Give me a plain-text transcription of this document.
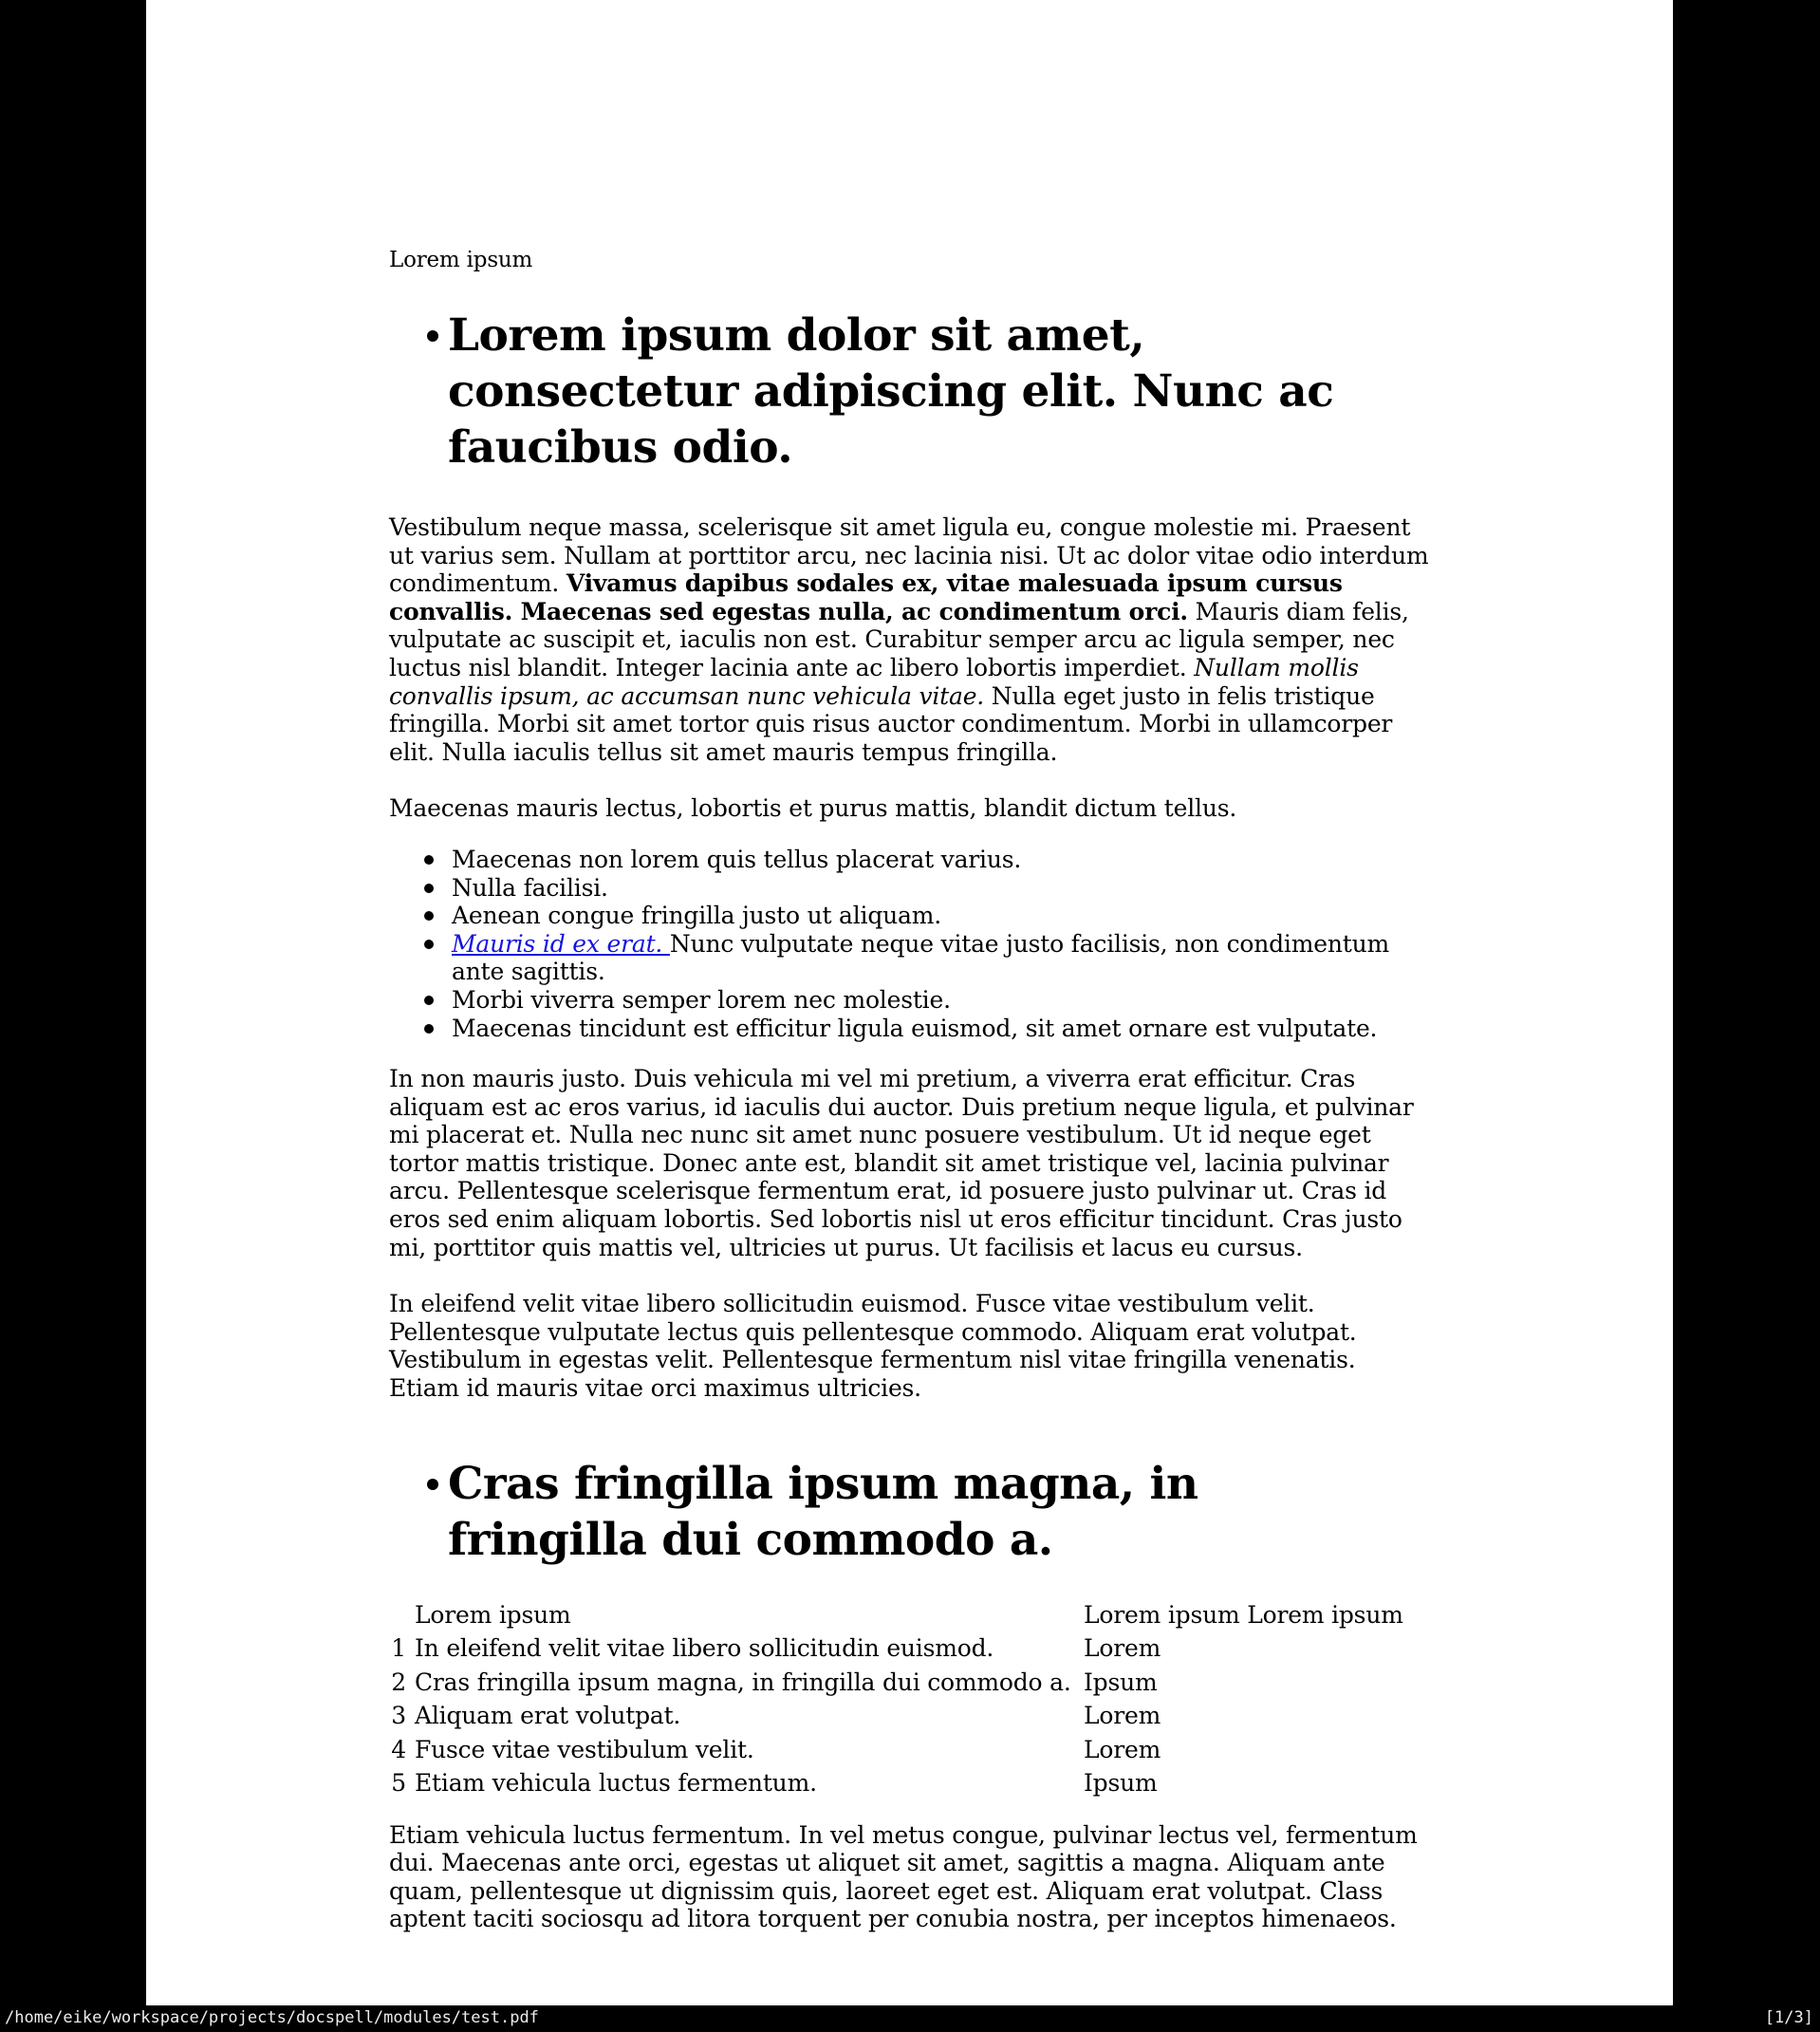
Lorem ipsum

Lorem ipsum dolor sit amet, consectetur adipiscing elit. Nunc ac faucibus odio.

Vestibulum neque massa, scelerisque sit amet ligula eu, congue molestie mi. Praesent ut varius sem. Nullam at porttitor arcu, nec lacinia nisi. Ut ac dolor vitae odio interdum condimentum. Vivamus dapibus sodales ex, vitae malesuada ipsum cursus convallis. Maecenas sed egestas nulla, ac condimentum orci. Mauris diam felis, vulputate ac suscipit et, iaculis non est. Curabitur semper arcu ac ligula semper, nec luctus nisl blandit. Integer lacinia ante ac libero lobortis imperdiet. Nullam mollis convallis ipsum, ac accumsan nunc vehicula vitae. Nulla eget justo in felis tristique fringilla. Morbi sit amet tortor quis risus auctor condimentum. Morbi in ullamcorper elit. Nulla iaculis tellus sit amet mauris tempus fringilla.

Maecenas mauris lectus, lobortis et purus mattis, blandit dictum tellus.

Maecenas non lorem quis tellus placerat varius.
Nulla facilisi.
Aenean congue fringilla justo ut aliquam.
Mauris id ex erat. Nunc vulputate neque vitae justo facilisis, non condimentum ante sagittis.
Morbi viverra semper lorem nec molestie.
Maecenas tincidunt est efficitur ligula euismod, sit amet ornare est vulputate.

In non mauris justo. Duis vehicula mi vel mi pretium, a viverra erat efficitur. Cras aliquam est ac eros varius, id iaculis dui auctor. Duis pretium neque ligula, et pulvinar mi placerat et. Nulla nec nunc sit amet nunc posuere vestibulum. Ut id neque eget tortor mattis tristique. Donec ante est, blandit sit amet tristique vel, lacinia pulvinar arcu. Pellentesque scelerisque fermentum erat, id posuere justo pulvinar ut. Cras id eros sed enim aliquam lobortis. Sed lobortis nisl ut eros efficitur tincidunt. Cras justo mi, porttitor quis mattis vel, ultricies ut purus. Ut facilisis et lacus eu cursus.

In eleifend velit vitae libero sollicitudin euismod. Fusce vitae vestibulum velit. Pellentesque vulputate lectus quis pellentesque commodo. Aliquam erat volutpat. Vestibulum in egestas velit. Pellentesque fermentum nisl vitae fringilla venenatis. Etiam id mauris vitae orci maximus ultricies.

Cras fringilla ipsum magna, in fringilla dui commodo a.
Lorem ipsum	Lorem ipsum Lorem ipsum
1 In eleifend velit vitae libero sollicitudin euismod.	Lorem
2 Cras fringilla ipsum magna, in fringilla dui commodo a. Ipsum
3 Aliquam erat volutpat.	Lorem
4 Fusce vitae vestibulum velit.	Lorem
5 Etiam vehicula luctus fermentum.	Ipsum

Etiam vehicula luctus fermentum. In vel metus congue, pulvinar lectus vel, fermentum dui. Maecenas ante orci, egestas ut aliquet sit amet, sagittis a magna. Aliquam ante quam, pellentesque ut dignissim quis, laoreet eget est. Aliquam erat volutpat. Class aptent taciti sociosqu ad litora torquent per conubia nostra, per inceptos himenaeos.

/home/eike/workspace/projects/docspell/modules/test.pdf	[1/3]
